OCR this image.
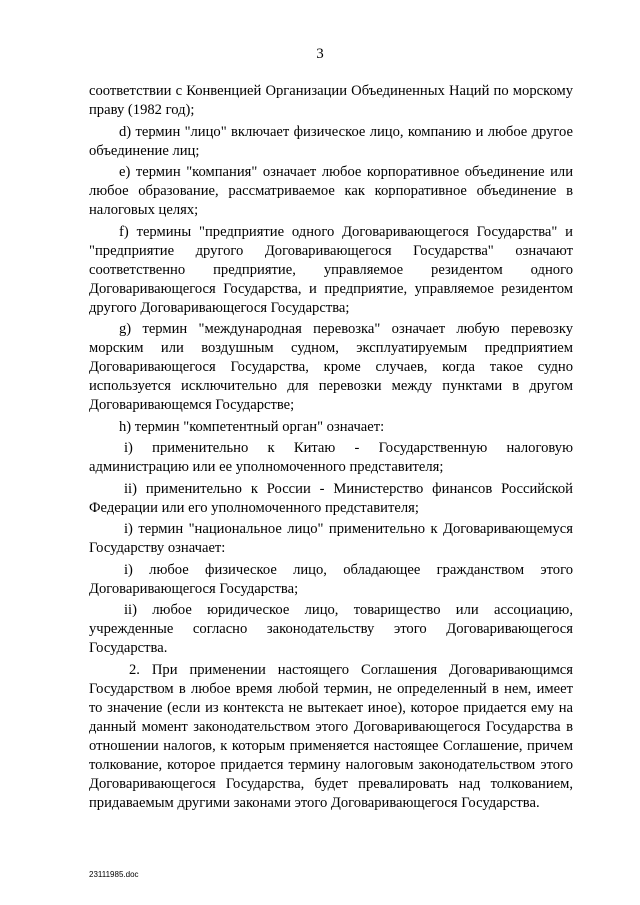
3

соответствии с Конвенцией Организации Объединенных Наций по морскому праву (1982 год);

d) термин "лицо" включает физическое лицо, компанию и любое другое объединение лиц;

e) термин "компания" означает любое корпоративное объединение или любое образование, рассматриваемое как корпоративное объединение в налоговых целях;

f) термины "предприятие одного Договаривающегося Государства" и "предприятие другого Договаривающегося Государства" означают соответственно предприятие, управляемое резидентом одного Договаривающегося Государства, и предприятие, управляемое резидентом другого Договаривающегося Государства;

g) термин "международная перевозка" означает любую перевозку морским или воздушным судном, эксплуатируемым предприятием Договаривающегося Государства, кроме случаев, когда такое судно используется исключительно для перевозки между пунктами в другом Договаривающемся Государстве;

h) термин "компетентный орган" означает:

i) применительно к Китаю - Государственную налоговую администрацию или ее уполномоченного представителя;

ii) применительно к России - Министерство финансов Российской Федерации или его уполномоченного представителя;

i) термин "национальное лицо" применительно к Договаривающемуся Государству означает:

i) любое физическое лицо, обладающее гражданством этого Договаривающегося Государства;

ii) любое юридическое лицо, товарищество или ассоциацию, учрежденные согласно законодательству этого Договаривающегося Государства.

2. При применении настоящего Соглашения Договаривающимся Государством в любое время любой термин, не определенный в нем, имеет то значение (если из контекста не вытекает иное), которое придается ему на данный момент законодательством этого Договаривающегося Государства в отношении налогов, к которым применяется настоящее Соглашение, причем толкование, которое придается термину налоговым законодательством этого Договаривающегося Государства, будет превалировать над толкованием, придаваемым другими законами этого Договаривающегося Государства.

23111985.doc
